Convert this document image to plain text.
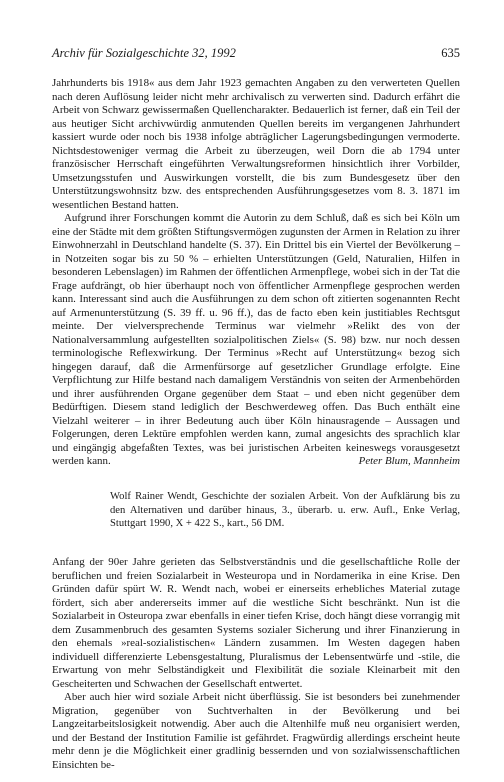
Archiv für Sozialgeschichte 32, 1992	635

Jahrhunderts bis 1918« aus dem Jahr 1923 gemachten Angaben zu den verwerteten Quellen nach deren Auflösung leider nicht mehr archivalisch zu verwerten sind. Dadurch erfährt die Arbeit von Schwarz gewissermaßen Quellencharakter. Bedauerlich ist ferner, daß ein Teil der aus heutiger Sicht archivwürdig anmutenden Quellen bereits im vergangenen Jahrhundert kassiert wurde oder noch bis 1938 infolge abträglicher Lagerungsbedingungen vermoderte. Nichtsdestoweniger vermag die Arbeit zu überzeugen, weil Dorn die ab 1794 unter französischer Herrschaft eingeführten Verwaltungsreformen hinsichtlich ihrer Vorbilder, Umsetzungsstufen und Auswirkungen vorstellt, die bis zum Bundesgesetz über den Unterstützungswohnsitz bzw. des entsprechenden Ausführungsgesetzes vom 8. 3. 1871 im wesentlichen Bestand hatten.

Aufgrund ihrer Forschungen kommt die Autorin zu dem Schluß, daß es sich bei Köln um eine der Städte mit dem größten Stiftungsvermögen zugunsten der Armen in Relation zu ihrer Einwohnerzahl in Deutschland handelte (S. 37). Ein Drittel bis ein Viertel der Bevölkerung – in Notzeiten sogar bis zu 50 % – erhielten Unterstützungen (Geld, Naturalien, Hilfen in besonderen Lebenslagen) im Rahmen der öffentlichen Armenpflege, wobei sich in der Tat die Frage aufdrängt, ob hier überhaupt noch von öffentlicher Armenpflege gesprochen werden kann. Interessant sind auch die Ausführungen zu dem schon oft zitierten sogenannten Recht auf Armenunterstützung (S. 39 ff. u. 96 ff.), das de facto eben kein justitiables Rechtsgut meinte. Der vielversprechende Terminus war vielmehr »Relikt des von der Nationalversammlung aufgestellten sozialpolitischen Ziels« (S. 98) bzw. nur noch dessen terminologische Reflexwirkung. Der Terminus »Recht auf Unterstützung« bezog sich hingegen darauf, daß die Armenfürsorge auf gesetzlicher Grundlage erfolgte. Eine Verpflichtung zur Hilfe bestand nach damaligem Verständnis von seiten der Armenbehörden und ihrer ausführenden Organe gegenüber dem Staat – und eben nicht gegenüber dem Bedürftigen. Diesem stand lediglich der Beschwerdeweg offen. Das Buch enthält eine Vielzahl weiterer – in ihrer Bedeutung auch über Köln hinausragende – Aussagen und Folgerungen, deren Lektüre empfohlen werden kann, zumal angesichts des sprachlich klar und eingängig abgefaßten Textes, was bei juristischen Arbeiten keineswegs vorausgesetzt werden kann.	Peter Blum, Mannheim
Wolf Rainer Wendt, Geschichte der sozialen Arbeit. Von der Aufklärung bis zu den Alternativen und darüber hinaus, 3., überarb. u. erw. Aufl., Enke Verlag, Stuttgart 1990, X + 422 S., kart., 56 DM.

Anfang der 90er Jahre gerieten das Selbstverständnis und die gesellschaftliche Rolle der beruflichen und freien Sozialarbeit in Westeuropa und in Nordamerika in eine Krise. Den Gründen dafür spürt W. R. Wendt nach, wobei er einerseits erhebliches Material zutage fördert, sich aber andererseits immer auf die westliche Sicht beschränkt. Nun ist die Sozialarbeit in Osteuropa zwar ebenfalls in einer tiefen Krise, doch hängt diese vorrangig mit dem Zusammenbruch des gesamten Systems sozialer Sicherung und ihrer Finanzierung in den ehemals »real-sozialistischen« Ländern zusammen. Im Westen dagegen haben individuell differenzierte Lebensgestaltung, Pluralismus der Lebensentwürfe und -stile, die Erwartung von mehr Selbständigkeit und Flexibilität die soziale Kleinarbeit mit den Gescheiterten und Schwachen der Gesellschaft entwertet.

Aber auch hier wird soziale Arbeit nicht überflüssig. Sie ist besonders bei zunehmender Migration, gegenüber von Suchtverhalten in der Bevölkerung und bei Langzeitarbeitslosigkeit notwendig. Aber auch die Altenhilfe muß neu organisiert werden, und der Bestand der Institution Familie ist gefährdet. Fragwürdig allerdings erscheint heute mehr denn je die Möglichkeit einer gradlinig bessernden und von sozialwissenschaftlichen Einsichten be-
